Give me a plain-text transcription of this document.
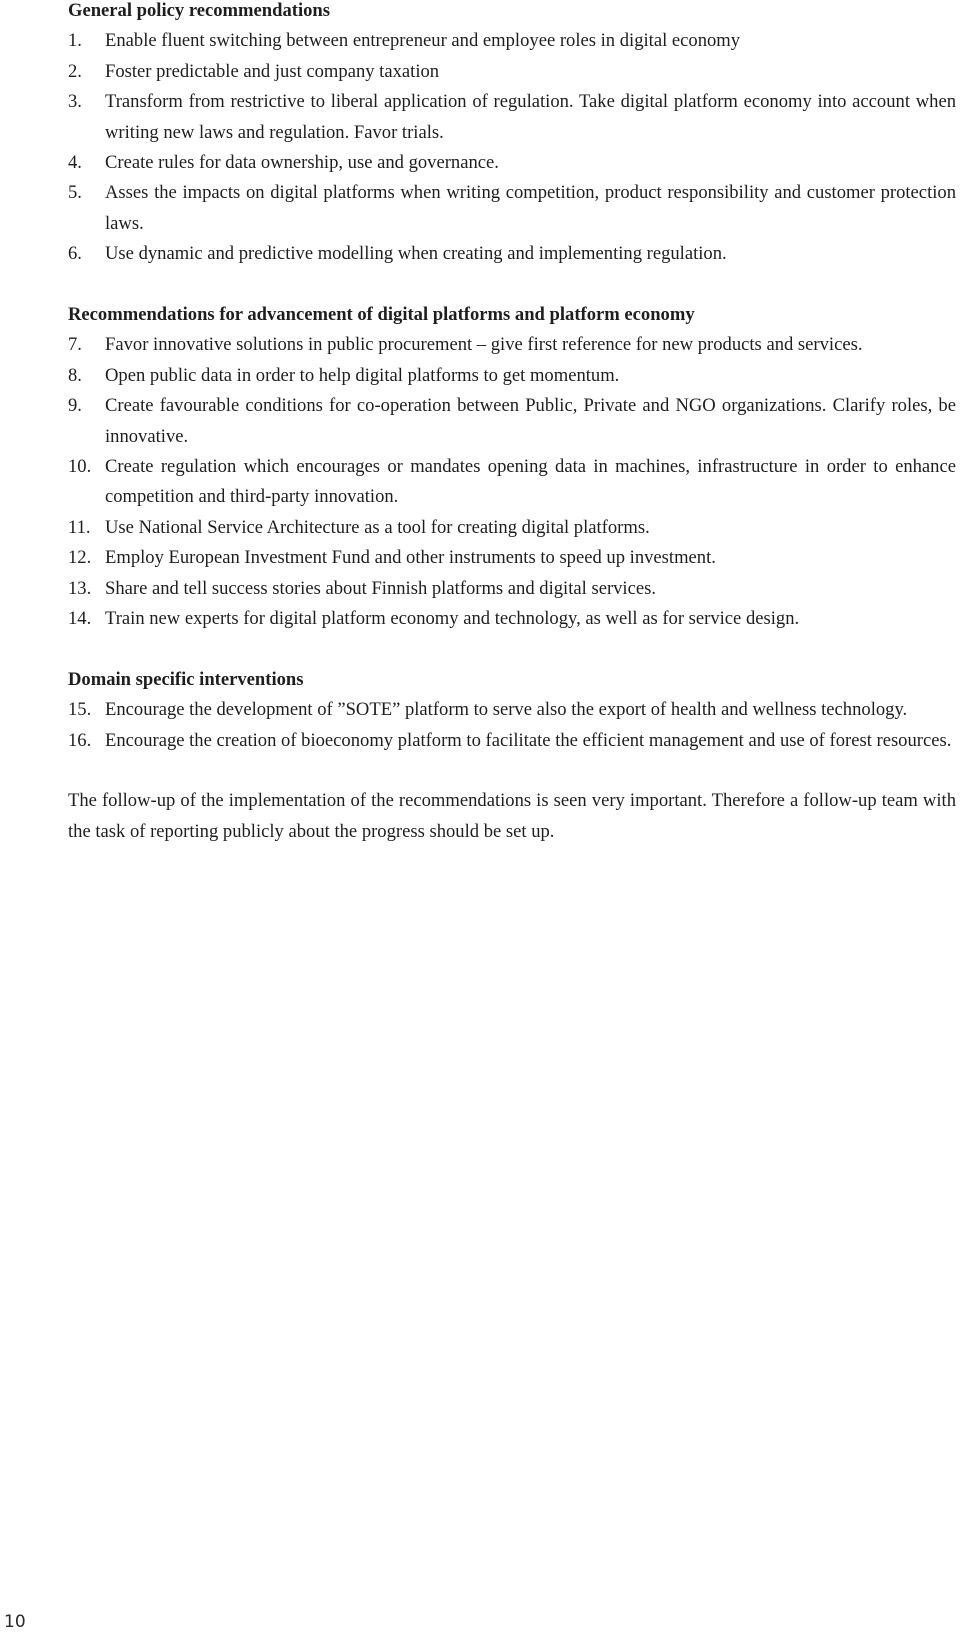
General policy recommendations

1.	Enable fluent switching between entrepreneur and employee roles in digital economy
2.	Foster predictable and just company taxation
3.	Transform from restrictive to liberal application of regulation. Take digital platform economy into account when writing new laws and regulation. Favor trials.
4.	Create rules for data ownership, use and governance.
5.	Asses the impacts on digital platforms when writing competition, product responsibility and customer protection laws.
6.	Use dynamic and predictive modelling when creating and implementing regulation.

Recommendations for advancement of digital platforms and platform economy

7.	Favor innovative solutions in public procurement – give first reference for new products and services.
8.	Open public data in order to help digital platforms to get momentum.
9.	Create favourable conditions for co-operation between Public, Private and NGO organizations. Clarify roles, be innovative.
10. Create regulation which encourages or mandates opening data in machines, infrastructure in order to enhance competition and third-party innovation.
11. Use National Service Architecture as a tool for creating digital platforms.
12. Employ European Investment Fund and other instruments to speed up investment.
13. Share and tell success stories about Finnish platforms and digital services.
14. Train new experts for digital platform economy and technology, as well as for service design.

Domain specific interventions

15. Encourage the development of ”SOTE” platform to serve also the export of health and wellness technology.
16. Encourage the creation of bioeconomy platform to facilitate the efficient management and use of forest resources.

The follow-up of the implementation of the recommendations is seen very important. Therefore a follow-up team with the task of reporting publicly about the progress should be set up.

10
